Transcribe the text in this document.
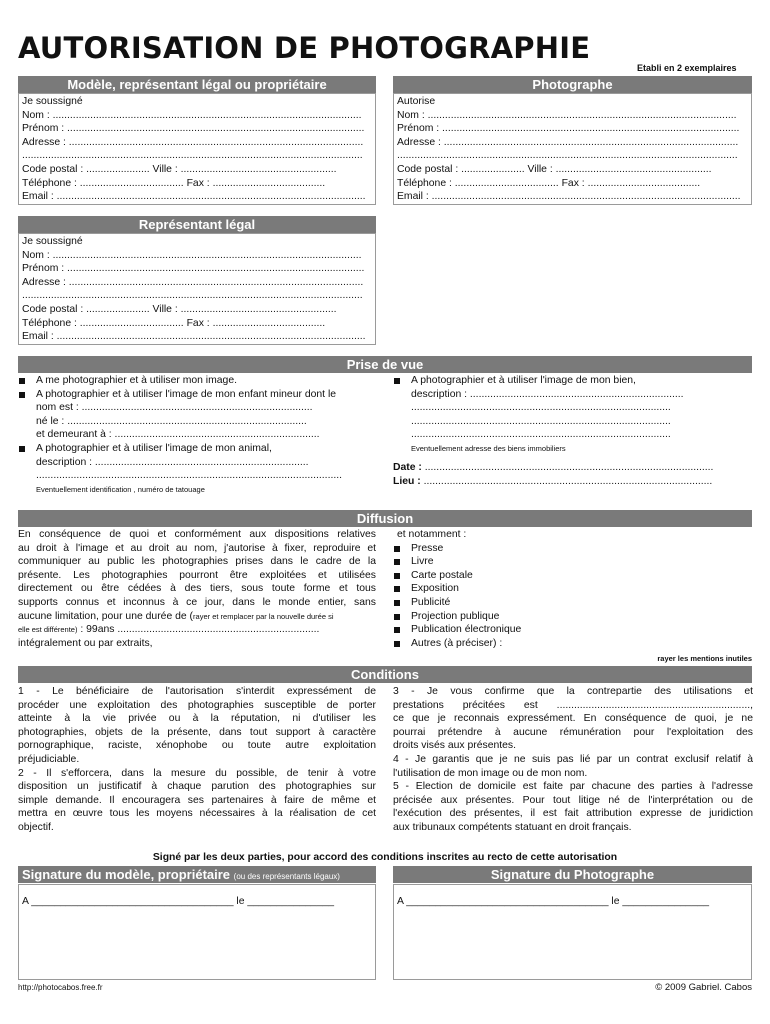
AUTORISATION DE PHOTOGRAPHIE
Etabli en 2 exemplaires
Modèle, représentant légal ou propriétaire
Je soussigné
Nom : ...........................................................................................................
Prénom : .......................................................................................................
Adresse : ......................................................................................................
......................................................................................................................
Code postal : ...................... Ville : ......................................................
Téléphone : .................................... Fax : .......................................
Email : ...........................................................................................................
Photographe
Autorise
Nom : ...........................................................................................................
Prénom : .......................................................................................................
Adresse : ......................................................................................................
......................................................................................................................
Code postal : ...................... Ville : ......................................................
Téléphone : .................................... Fax : .......................................
Email : ...........................................................................................................
Représentant légal
Je soussigné
Nom : ...........................................................................................................
Prénom : .......................................................................................................
Adresse : ......................................................................................................
......................................................................................................................
Code postal : ...................... Ville : ......................................................
Téléphone : .................................... Fax : .......................................
Email : ...........................................................................................................
Prise de vue
A me photographier et à utiliser mon image.
A photographier et à utiliser l'image de mon enfant mineur dont le
nom est : ................................................................................
né le : ...................................................................................
et demeurant à : .......................................................................
A photographier et à utiliser l'image de mon animal,
description : ..........................................................................
..........................................................................................................
Eventuellement identification , numéro de tatouage
A photographier et à utiliser l'image de mon bien,
description : ..........................................................................
..........................................................................................
..........................................................................................
..........................................................................................
Eventuellement adresse des biens immobiliers
Date : ....................................................................................................
Lieu : ....................................................................................................
Diffusion
En conséquence de quoi et conformément aux dispositions relatives
au droit à l'image et au droit au nom, j'autorise à fixer, reproduire et
communiquer au public les photographies prises dans le cadre de la
présente. Les photographies pourront être exploitées et utilisées
directement ou être cédées à des tiers, sous toute forme et tous
supports connus et inconnus à ce jour, dans le monde entier, sans
aucune limitation, pour une durée de (rayer et remplacer par la nouvelle durée si
elle est différente) : 99ans ......................................................................
intégralement ou par extraits,
et notamment :
Presse
Livre
Carte postale
Exposition
Publicité
Projection publique
Publication électronique
Autres (à préciser) :
rayer les mentions inutiles
Conditions
1 - Le bénéficiaire de l'autorisation s'interdit expressément de
procéder une exploitation des photographies susceptible de porter
atteinte à la vie privée ou à la réputation, ni d'utiliser les
photographies, objets de la présente, dans tout support à caractère
pornographique, raciste, xénophobe ou toute autre exploitation
préjudiciable.
2 - Il s'efforcera, dans la mesure du possible, de tenir à votre
disposition un justificatif à chaque parution des photographies sur
simple demande. Il encouragera ses partenaires à faire de même et
mettra en œuvre tous les moyens nécessaires à la réalisation de cet
objectif.
3 - Je vous confirme que la contrepartie des utilisations et
prestations précitées est ...................................................................,
ce que je reconnais expressément. En conséquence de quoi, je ne
pourrai prétendre à aucune rémunération pour l'exploitation des
droits visés aux présentes.
4 - Je garantis que je ne suis pas lié par un contrat exclusif relatif à
l'utilisation de mon image ou de mon nom.
5 - Election de domicile est faite par chacune des parties à l'adresse
précisée aux présentes. Pour tout litige né de l'interprétation ou de
l'exécution des présentes, il est fait attribution expresse de juridiction
aux tribunaux compétents statuant en droit français.
Signé par les deux parties, pour accord des conditions inscrites au recto de cette autorisation
Signature du modèle, propriétaire (ou des représentants légaux)
A ___________________________________ le _______________
Signature du Photographe
A ___________________________________ le _______________
http://photocabos.free.fr	© 2009 Gabriel. Cabos
